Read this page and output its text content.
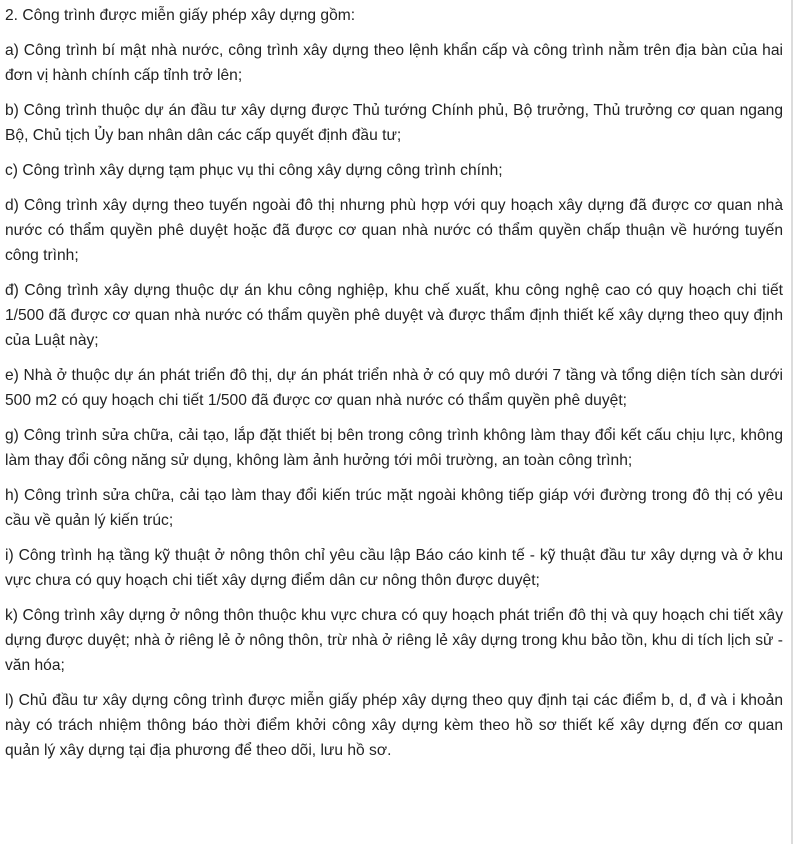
2. Công trình được miễn giấy phép xây dựng gồm:

a) Công trình bí mật nhà nước, công trình xây dựng theo lệnh khẩn cấp và công trình nằm trên địa bàn của hai đơn vị hành chính cấp tỉnh trở lên;

b) Công trình thuộc dự án đầu tư xây dựng được Thủ tướng Chính phủ, Bộ trưởng, Thủ trưởng cơ quan ngang Bộ, Chủ tịch Ủy ban nhân dân các cấp quyết định đầu tư;

c) Công trình xây dựng tạm phục vụ thi công xây dựng công trình chính;

d) Công trình xây dựng theo tuyến ngoài đô thị nhưng phù hợp với quy hoạch xây dựng đã được cơ quan nhà nước có thẩm quyền phê duyệt hoặc đã được cơ quan nhà nước có thẩm quyền chấp thuận về hướng tuyến công trình;

đ) Công trình xây dựng thuộc dự án khu công nghiệp, khu chế xuất, khu công nghệ cao có quy hoạch chi tiết 1/500 đã được cơ quan nhà nước có thẩm quyền phê duyệt và được thẩm định thiết kế xây dựng theo quy định của Luật này;

e) Nhà ở thuộc dự án phát triển đô thị, dự án phát triển nhà ở có quy mô dưới 7 tầng và tổng diện tích sàn dưới 500 m2 có quy hoạch chi tiết 1/500 đã được cơ quan nhà nước có thẩm quyền phê duyệt;

g) Công trình sửa chữa, cải tạo, lắp đặt thiết bị bên trong công trình không làm thay đổi kết cấu chịu lực, không làm thay đổi công năng sử dụng, không làm ảnh hưởng tới môi trường, an toàn công trình;

h) Công trình sửa chữa, cải tạo làm thay đổi kiến trúc mặt ngoài không tiếp giáp với đường trong đô thị có yêu cầu về quản lý kiến trúc;

i) Công trình hạ tầng kỹ thuật ở nông thôn chỉ yêu cầu lập Báo cáo kinh tế - kỹ thuật đầu tư xây dựng và ở khu vực chưa có quy hoạch chi tiết xây dựng điểm dân cư nông thôn được duyệt;

k) Công trình xây dựng ở nông thôn thuộc khu vực chưa có quy hoạch phát triển đô thị và quy hoạch chi tiết xây dựng được duyệt; nhà ở riêng lẻ ở nông thôn, trừ nhà ở riêng lẻ xây dựng trong khu bảo tồn, khu di tích lịch sử - văn hóa;

l) Chủ đầu tư xây dựng công trình được miễn giấy phép xây dựng theo quy định tại các điểm b, d, đ và i khoản này có trách nhiệm thông báo thời điểm khởi công xây dựng kèm theo hồ sơ thiết kế xây dựng đến cơ quan quản lý xây dựng tại địa phương để theo dõi, lưu hồ sơ.
